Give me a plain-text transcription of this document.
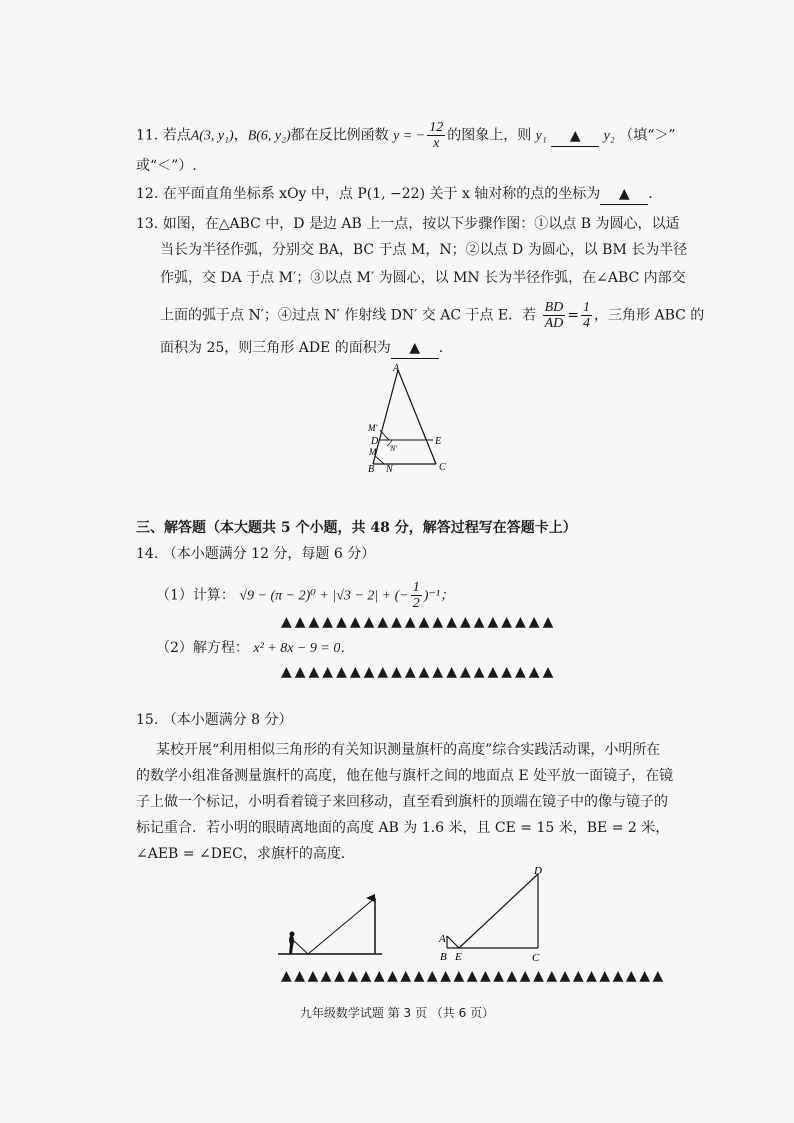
11. 若点A(3, y₁)，B(6, y₂)都在反比例函数 y = − $\frac{12}{x}$ 的图象上，则 y₁ ▲ y₂ （填“＞”
或“＜”）.
12. 在平面直角坐标系 xOy 中，点 P(1, −22) 关于 x 轴对称的点的坐标为 ▲ .
13. 如图，在△ABC 中，D 是边 AB 上一点，按以下步骤作图：①以点 B 为圆心，以适
当长为半径作弧，分别交 BA，BC 于点 M，N；②以点 D 为圆心，以 BM 长为半径
作弧，交 DA 于点 M′；③以点 M′ 为圆心，以 MN 长为半径作弧，在∠ABC 内部交
上面的弧于点 N′；④过点 N′ 作射线 DN′ 交 AC 于点 E．若 $\frac{BD}{AD} = \frac{1}{4}$ ，三角形 ABC 的
面积为 25，则三角形 ADE 的面积为 ▲ .
A
M′
D
N′
E
M
B N	C
三、解答题（本大题共 5 个小题，共 48 分，解答过程写在答题卡上）
14. （本小题满分 12 分，每题 6 分）
（1）计算： √9 − (π − 2)⁰ + |√3 − 2| + (− $\frac{1}{2} )^{-1}$；
▲▲▲▲▲▲▲▲▲▲▲▲▲▲▲▲▲▲▲▲
（2）解方程： x² + 8x − 9 = 0．
▲▲▲▲▲▲▲▲▲▲▲▲▲▲▲▲▲▲▲▲
15. （本小题满分 8 分）
某校开展“利用相似三角形的有关知识测量旗杆的高度”综合实践活动课，小明所在
的数学小组准备测量旗杆的高度，他在他与旗杆之间的地面点 E 处平放一面镜子，在镜
子上做一个标记，小明看着镜子来回移动，直至看到旗杆的顶端在镜子中的像与镜子的
标记重合．若小明的眼睛离地面的高度 AB 为 1.6 米，且 CE = 15 米，BE = 2 米，
∠AEB = ∠DEC，求旗杆的高度．
D
A
B E	C
▲▲▲▲▲▲▲▲▲▲▲▲▲▲▲▲▲▲▲▲▲▲▲▲▲▲▲▲▲
九年级数学试题 第 3 页 （共 6 页）
